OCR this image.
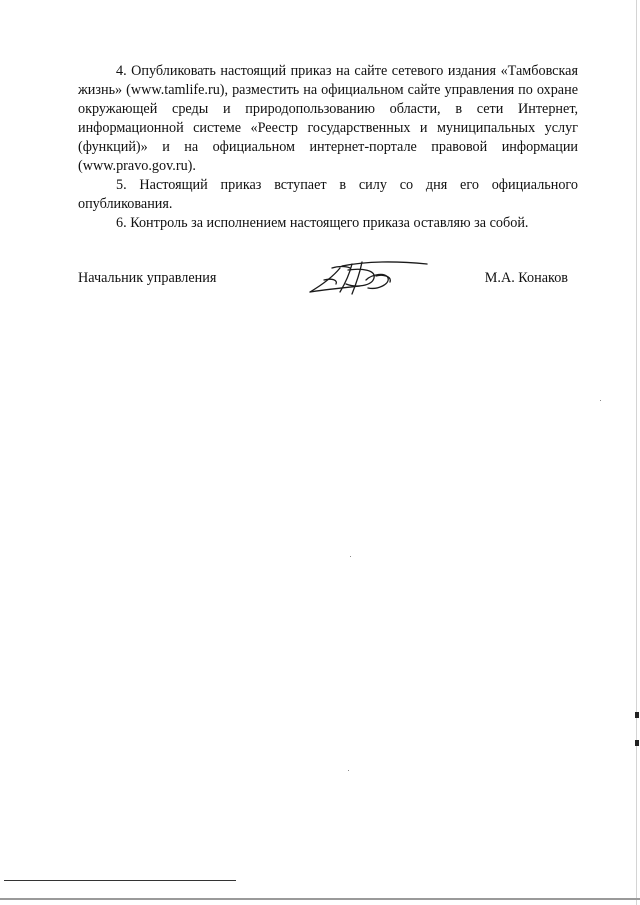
4. Опубликовать настоящий приказ на сайте сетевого издания «Тамбовская жизнь» (www.tamlife.ru), разместить на официальном сайте управления по охране окружающей среды и природопользованию области, в сети Интернет, информационной системе «Реестр государственных и муниципальных услуг (функций)» и на официальном интернет-портале правовой информации (www.pravo.gov.ru).

5. Настоящий приказ вступает в силу со дня его официального опубликования.

6. Контроль за исполнением настоящего приказа оставляю за собой.

Начальник управления	М.А. Конаков
